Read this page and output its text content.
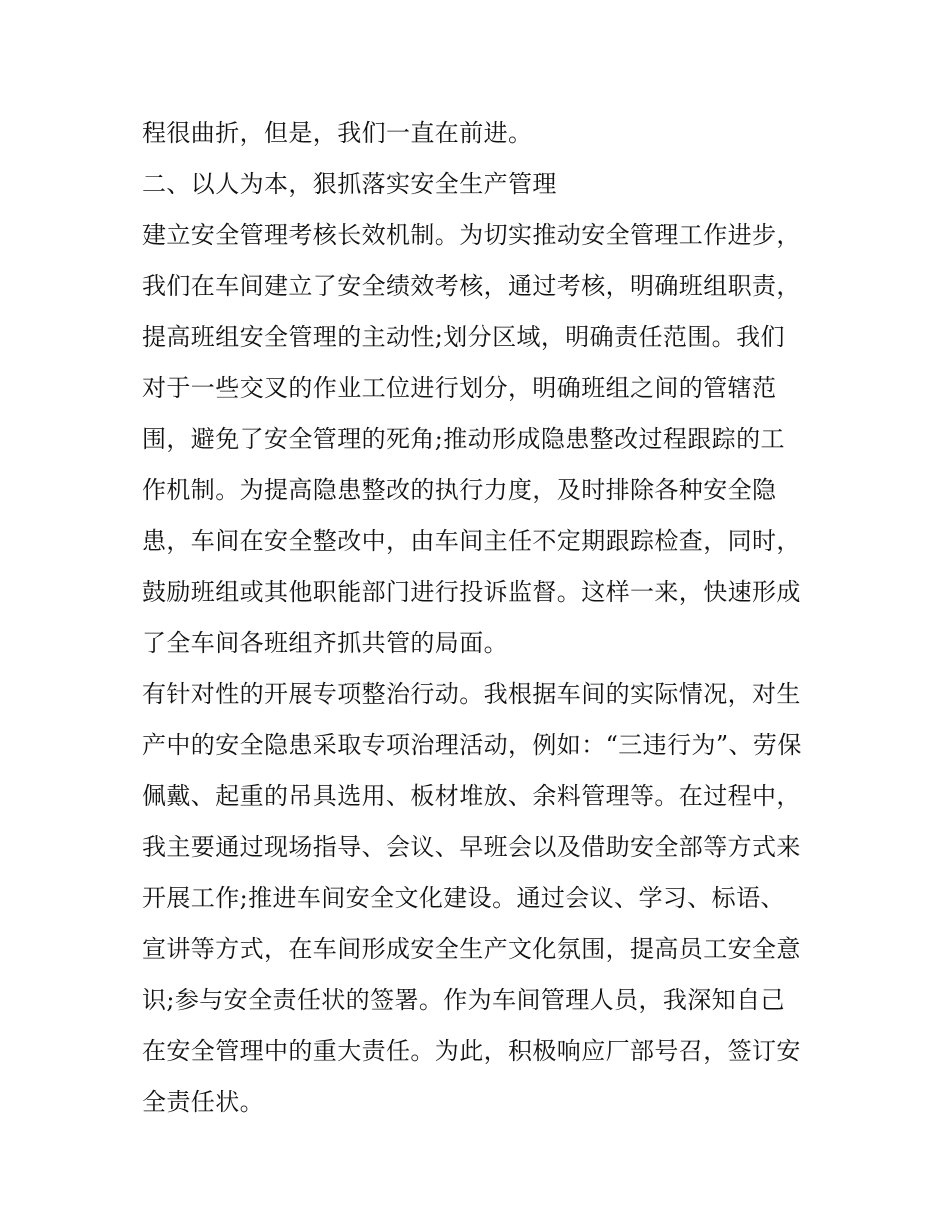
程很曲折，但是，我们一直在前进。
二、以人为本，狠抓落实安全生产管理
建立安全管理考核长效机制。为切实推动安全管理工作进步，
我们在车间建立了安全绩效考核，通过考核，明确班组职责，
提高班组安全管理的主动性;划分区域，明确责任范围。我们
对于一些交叉的作业工位进行划分，明确班组之间的管辖范
围，避免了安全管理的死角;推动形成隐患整改过程跟踪的工
作机制。为提高隐患整改的执行力度，及时排除各种安全隐
患，车间在安全整改中，由车间主任不定期跟踪检查，同时，
鼓励班组或其他职能部门进行投诉监督。这样一来，快速形成
了全车间各班组齐抓共管的局面。
有针对性的开展专项整治行动。我根据车间的实际情况，对生
产中的安全隐患采取专项治理活动，例如：“三违行为”、劳保
佩戴、起重的吊具选用、板材堆放、余料管理等。在过程中，
我主要通过现场指导、会议、早班会以及借助安全部等方式来
开展工作;推进车间安全文化建设。通过会议、学习、标语、
宣讲等方式，在车间形成安全生产文化氛围，提高员工安全意
识;参与安全责任状的签署。作为车间管理人员，我深知自己
在安全管理中的重大责任。为此，积极响应厂部号召，签订安
全责任状。
